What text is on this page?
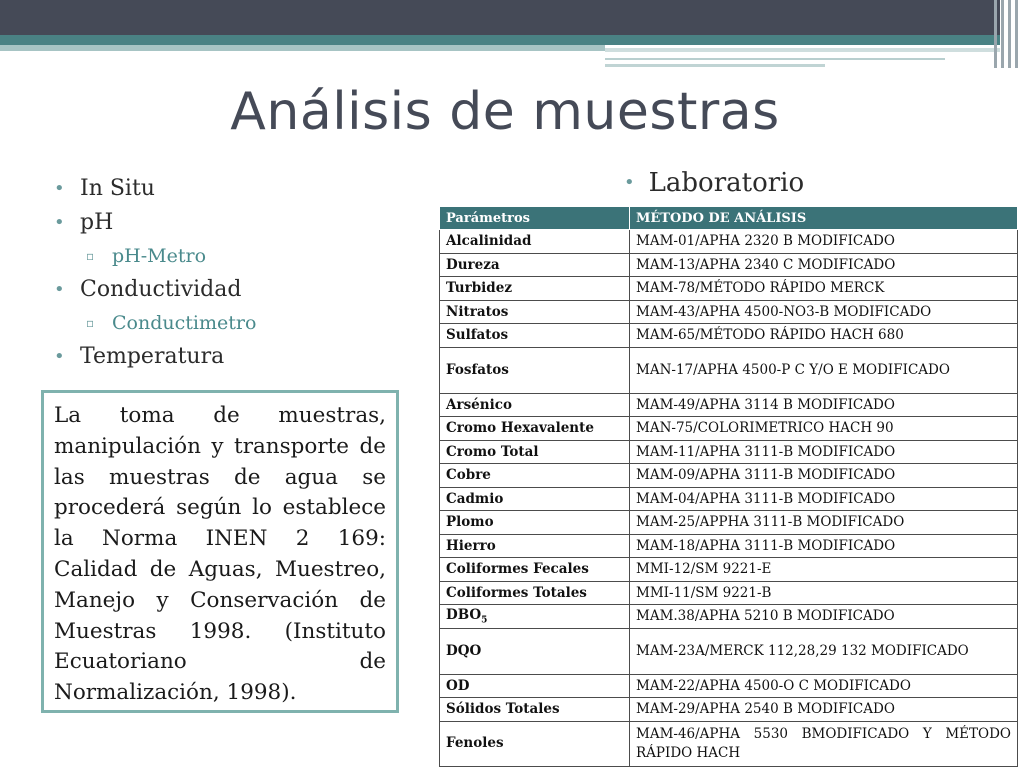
Análisis de muestras
• In Situ
• pH
▫ pH-Metro
• Conductividad
▫ Conductimetro
• Temperatura
La toma de muestras, manipulación y transporte de las muestras de agua se procederá según lo establece la Norma INEN 2 169: Calidad de Aguas, Muestreo, Manejo y Conservación de Muestras 1998. (Instituto Ecuatoriano de Normalización, 1998).
• Laboratorio
Parámetros	MÉTODO DE ANÁLISIS
Alcalinidad	MAM-01/APHA 2320 B MODIFICADO
Dureza	MAM-13/APHA 2340 C MODIFICADO
Turbidez	MAM-78/MÉTODO RÁPIDO MERCK
Nitratos	MAM-43/APHA 4500-NO3-B MODIFICADO
Sulfatos	MAM-65/MÉTODO RÁPIDO HACH 680
Fosfatos	MAN-17/APHA 4500-P C Y/O E MODIFICADO
Arsénico	MAM-49/APHA 3114 B MODIFICADO
Cromo Hexavalente	MAN-75/COLORIMETRICO HACH 90
Cromo Total	MAM-11/APHA 3111-B MODIFICADO
Cobre	MAM-09/APHA 3111-B MODIFICADO
Cadmio	MAM-04/APHA 3111-B MODIFICADO
Plomo	MAM-25/APPHA 3111-B MODIFICADO
Hierro	MAM-18/APHA 3111-B MODIFICADO
Coliformes Fecales	MMI-12/SM 9221-E
Coliformes Totales	MMI-11/SM 9221-B
$DBO_5$	MAM.38/APHA 5210 B MODIFICADO
DQO	MAM-23A/MERCK 112,28,29 132 MODIFICADO
OD	MAM-22/APHA 4500-O C MODIFICADO
Sólidos Totales	MAM-29/APHA 2540 B MODIFICADO
Fenoles	MAM-46/APHA 5530 BMODIFICADO Y MÉTODO RÁPIDO HACH
